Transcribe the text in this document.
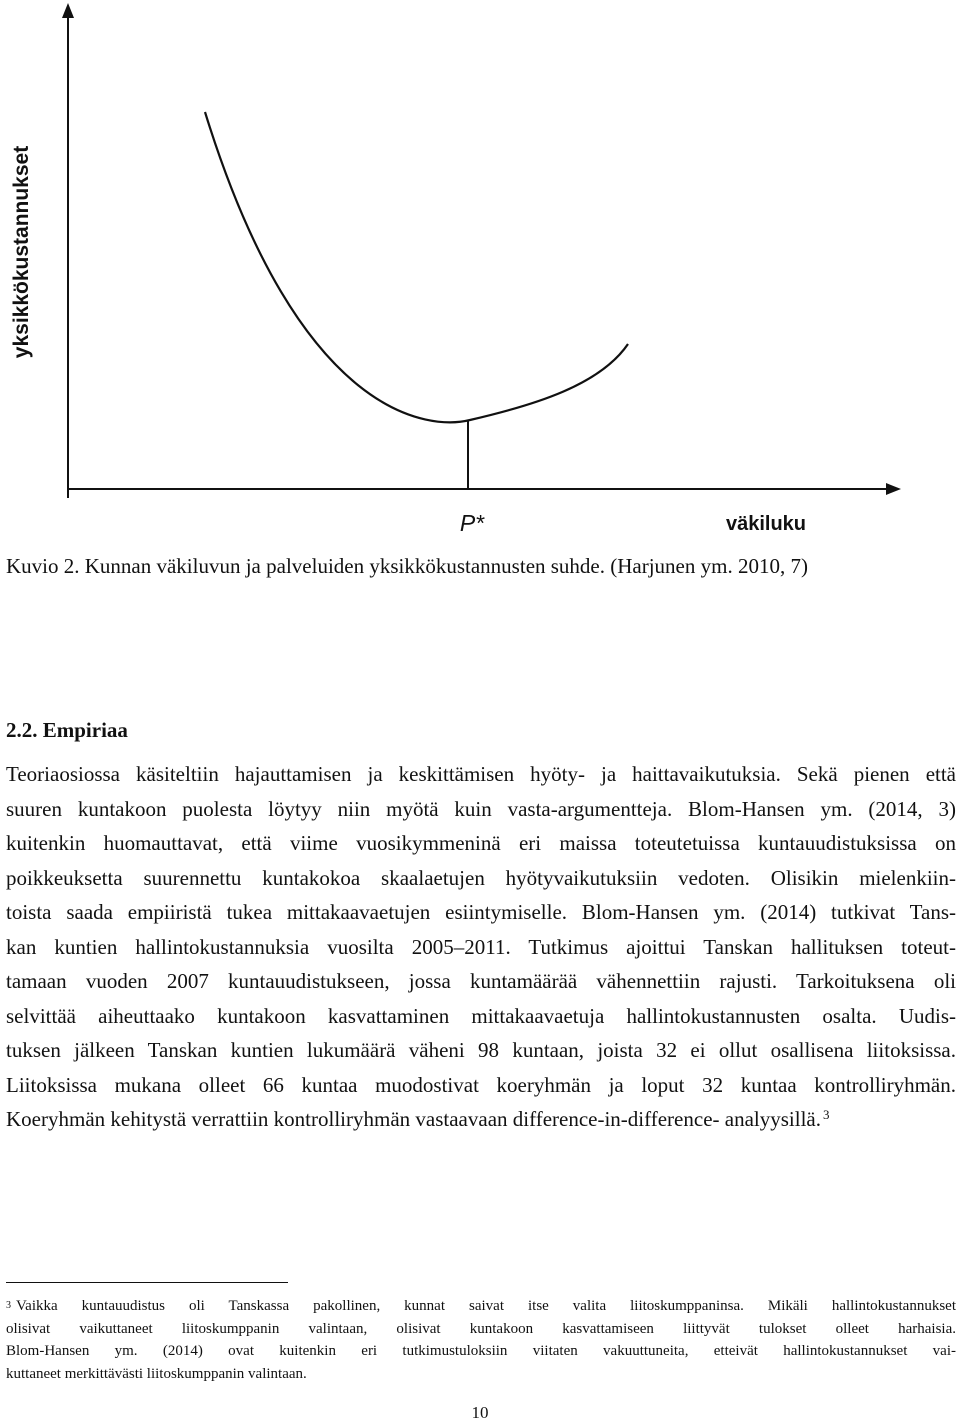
yksikkökustannukset
P*	väkiluku
Kuvio 2. Kunnan väkiluvun ja palveluiden yksikkökustannusten suhde. (Harjunen ym. 2010, 7)
2.2. Empiriaa
Teoriaosiossa käsiteltiin hajauttamisen ja keskittämisen hyöty- ja haittavaikutuksia. Sekä pienen että
suuren kuntakoon puolesta löytyy niin myötä kuin vasta-argumentteja. Blom-Hansen ym. (2014, 3)
kuitenkin huomauttavat, että viime vuosikymmeninä eri maissa toteutetuissa kuntauudistuksissa on
poikkeuksetta suurennettu kuntakokoa skaalaetujen hyötyvaikutuksiin vedoten. Olisikin mielenkiin-
toista saada empiiristä tukea mittakaavaetujen esiintymiselle. Blom-Hansen ym. (2014) tutkivat Tans-
kan kuntien hallintokustannuksia vuosilta 2005–2011. Tutkimus ajoittui Tanskan hallituksen toteut-
tamaan vuoden 2007 kuntauudistukseen, jossa kuntamäärää vähennettiin rajusti. Tarkoituksena oli
selvittää aiheuttaako kuntakoon kasvattaminen mittakaavaetuja hallintokustannusten osalta. Uudis-
tuksen jälkeen Tanskan kuntien lukumäärä väheni 98 kuntaan, joista 32 ei ollut osallisena liitoksissa.
Liitoksissa mukana olleet 66 kuntaa muodostivat koeryhmän ja loput 32 kuntaa kontrolliryhmän.
Koeryhmän kehitystä verrattiin kontrolliryhmän vastaavaan difference-in-difference- analyysillä. $^3$
$^3$ Vaikka kuntauudistus oli Tanskassa pakollinen, kunnat saivat itse valita liitoskumppaninsa. Mikäli hallintokustannukset
olisivat vaikuttaneet liitoskumppanin valintaan, olisivat kuntakoon kasvattamiseen liittyvät tulokset olleet harhaisia.
Blom-Hansen ym. (2014) ovat kuitenkin eri tutkimustuloksiin viitaten vakuuttuneita, etteivät hallintokustannukset vai-
kuttaneet merkittävästi liitoskumppanin valintaan.
10
